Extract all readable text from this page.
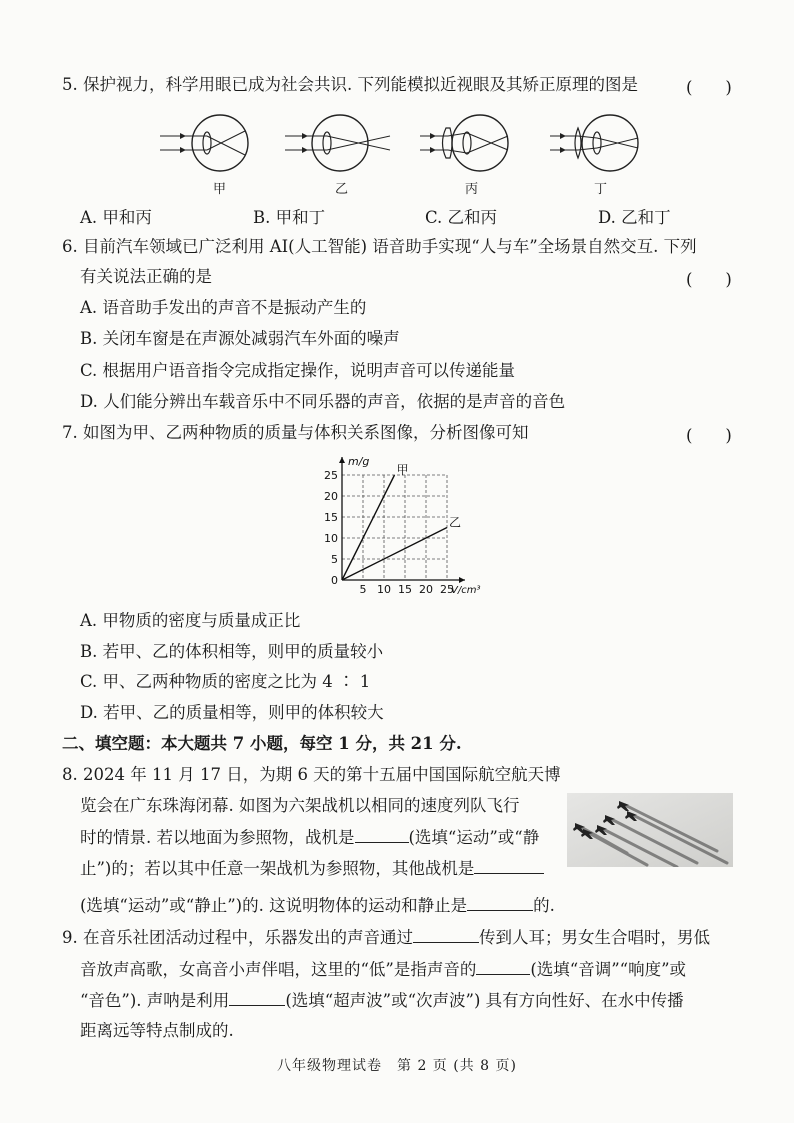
5. 保护视力，科学用眼已成为社会共识. 下列能模拟近视眼及其矫正原理的图是	(　　)
甲	乙	丙	丁
A. 甲和丙	B. 甲和丁	C. 乙和丙	D. 乙和丁
6. 目前汽车领域已广泛利用 AI(人工智能) 语音助手实现“人与车”全场景自然交互. 下列
有关说法正确的是	(　　)
A. 语音助手发出的声音不是振动产生的
B. 关闭车窗是在声源处减弱汽车外面的噪声
C. 根据用户语音指令完成指定操作，说明声音可以传递能量
D. 人们能分辨出车载音乐中不同乐器的声音，依据的是声音的音色
7. 如图为甲、乙两种物质的质量与体积关系图像，分析图像可知	(　　)
5 10 15 20 25
0
5
10
15
20
25
m/g
V/cm³
甲
乙
A. 甲物质的密度与质量成正比
B. 若甲、乙的体积相等，则甲的质量较小
C. 甲、乙两种物质的密度之比为 4 ∶ 1
D. 若甲、乙的质量相等，则甲的体积较大
二、填空题：本大题共 7 小题，每空 1 分，共 21 分.
8. 2024 年 11 月 17 日，为期 6 天的第十五届中国国际航空航天博
览会在广东珠海闭幕. 如图为六架战机以相同的速度列队飞行
时的情景. 若以地面为参照物，战机是	(选填“运动”或“静
止”)的；若以其中任意一架战机为参照物，其他战机是
(选填“运动”或“静止”)的. 这说明物体的运动和静止是	的.
9. 在音乐社团活动过程中，乐器发出的声音通过	传到人耳；男女生合唱时，男低
音放声高歌，女高音小声伴唱，这里的“低”是指声音的	(选填“音调”“响度”或
“音色”). 声呐是利用	(选填“超声波”或“次声波”) 具有方向性好、在水中传播
距离远等特点制成的.
八年级物理试卷　第 2 页 (共 8 页)
